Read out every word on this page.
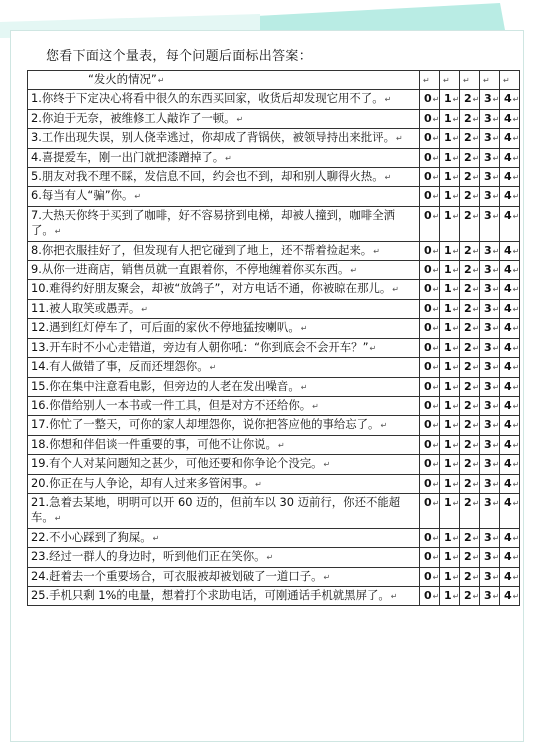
您看下面这个量表，每个问题后面标出答案：
“发火的情况”↵	↵	↵	↵	↵	↵
1.你终于下定决心将看中很久的东西买回家，收货后却发现它用不了。↵	0↵	1↵	2↵	3↵	4↵
2.你迫于无奈，被维修工人敲诈了一顿。↵	0↵	1↵	2↵	3↵	4↵
3.工作出现失误，别人侥幸逃过，你却成了背锅侠，被领导持出来批评。↵	0↵	1↵	2↵	3↵	4↵
4.喜提爱车，刚一出门就把漆蹭掉了。↵	0↵	1↵	2↵	3↵	4↵
5.朋友对我不理不睬，发信息不回，约会也不到，却和别人聊得火热。↵	0↵	1↵	2↵	3↵	4↵
6.每当有人“骗”你。↵	0↵	1↵	2↵	3↵	4↵
7.大热天你终于买到了咖啡，好不容易挤到电梯，却被人撞到，咖啡全洒了。↵	0↵	1↵	2↵	3↵	4↵
8.你把衣服挂好了，但发现有人把它碰到了地上，还不帮着捡起来。↵	0↵	1↵	2↵	3↵	4↵
9.从你一进商店，销售员就一直跟着你，不停地缠着你买东西。↵	0↵	1↵	2↵	3↵	4↵
10.难得约好朋友聚会，却被“放鸽子”，对方电话不通，你被晾在那儿。↵	0↵	1↵	2↵	3↵	4↵
11.被人取笑或愚弄。↵	0↵	1↵	2↵	3↵	4↵
12.遇到红灯停车了，可后面的家伙不停地猛按喇叭。↵	0↵	1↵	2↵	3↵	4↵
13.开车时不小心走错道，旁边有人朝你吼：“你到底会不会开车？”↵	0↵	1↵	2↵	3↵	4↵
14.有人做错了事，反而还埋怨你。↵	0↵	1↵	2↵	3↵	4↵
15.你在集中注意看电影，但旁边的人老在发出噪音。↵	0↵	1↵	2↵	3↵	4↵
16.你借给别人一本书或一件工具，但是对方不还给你。↵	0↵	1↵	2↵	3↵	4↵
17.你忙了一整天，可你的家人却埋怨你，说你把答应他的事给忘了。↵	0↵	1↵	2↵	3↵	4↵
18.你想和伴侣谈一件重要的事，可他不让你说。↵	0↵	1↵	2↵	3↵	4↵
19.有个人对某问题知之甚少，可他还要和你争论个没完。↵	0↵	1↵	2↵	3↵	4↵
20.你正在与人争论，却有人过来多管闲事。↵	0↵	1↵	2↵	3↵	4↵
21.急着去某地，明明可以开 60 迈的，但前车以 30 迈前行，你还不能超车。↵	0↵	1↵	2↵	3↵	4↵
22.不小心踩到了狗屎。↵	0↵	1↵	2↵	3↵	4↵
23.经过一群人的身边时，听到他们正在笑你。↵	0↵	1↵	2↵	3↵	4↵
24.赶着去一个重要场合，可衣服被却被划破了一道口子。↵	0↵	1↵	2↵	3↵	4↵
25.手机只剩 1%的电量，想着打个求助电话，可刚通话手机就黑屏了。↵	0↵	1↵	2↵	3↵	4↵
